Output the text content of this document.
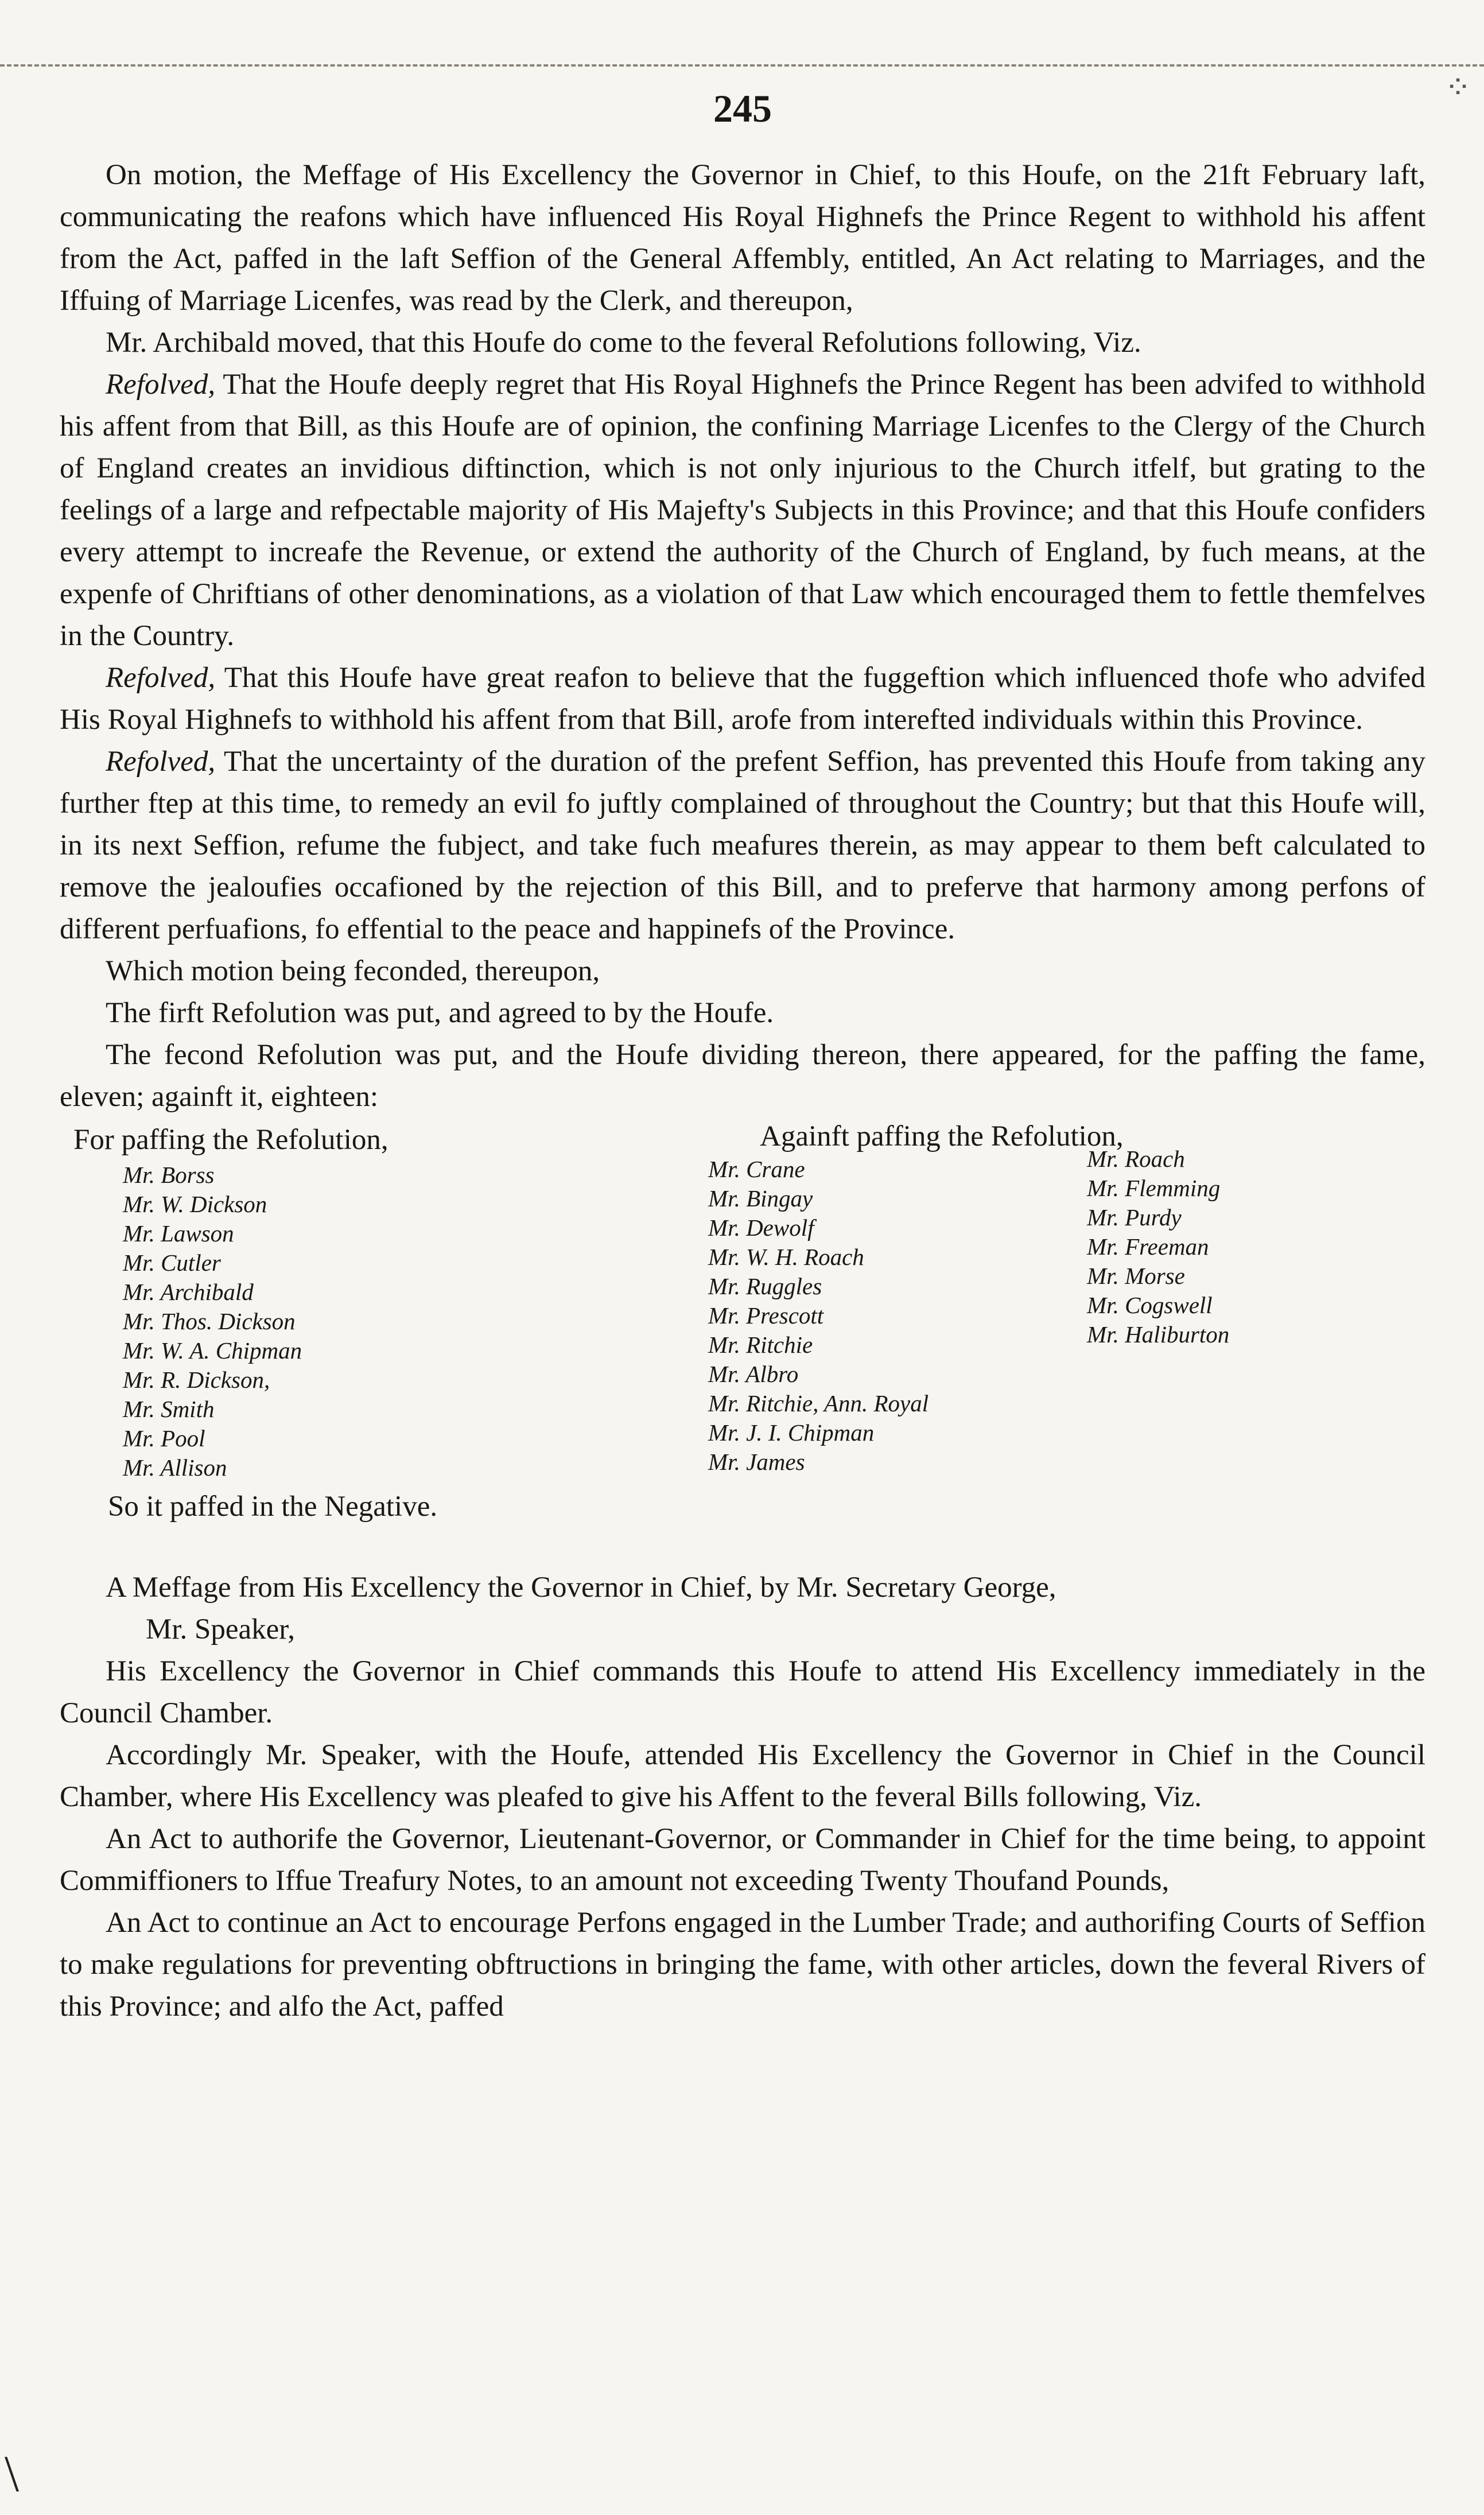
⁘
245

On motion, the Meffage of His Excellency the Governor in Chief, to this Houfe, on the 21ft February laft, communicating the reafons which have influenced His Royal Highnefs the Prince Regent to withhold his affent from the Act, paffed in the laft Seffion of the General Affembly, entitled, An Act relating to Marriages, and the Iffuing of Marriage Licenfes, was read by the Clerk, and thereupon,

Mr. Archibald moved, that this Houfe do come to the feveral Refolutions following, Viz.

Refolved, That the Houfe deeply regret that His Royal Highnefs the Prince Regent has been advifed to withhold his affent from that Bill, as this Houfe are of opinion, the confining Marriage Licenfes to the Clergy of the Church of England creates an invidious diftinction, which is not only injurious to the Church itfelf, but grating to the feelings of a large and refpectable majority of His Majefty's Subjects in this Province; and that this Houfe confiders every attempt to increafe the Revenue, or extend the authority of the Church of England, by fuch means, at the expenfe of Chriftians of other denominations, as a violation of that Law which encouraged them to fettle themfelves in the Country.

Refolved, That this Houfe have great reafon to believe that the fuggeftion which influenced thofe who advifed His Royal Highnefs to withhold his affent from that Bill, arofe from interefted individuals within this Province.

Refolved, That the uncertainty of the duration of the prefent Seffion, has prevented this Houfe from taking any further ftep at this time, to remedy an evil fo juftly complained of throughout the Country; but that this Houfe will, in its next Seffion, refume the fubject, and take fuch meafures therein, as may appear to them beft calculated to remove the jealoufies occafioned by the rejection of this Bill, and to preferve that harmony among perfons of different perfuafions, fo effential to the peace and happinefs of the Province.

Which motion being feconded, thereupon,

The firft Refolution was put, and agreed to by the Houfe.

The fecond Refolution was put, and the Houfe dividing thereon, there appeared, for the paffing the fame, eleven; againft it, eighteen:

For paffing the Refolution,	Againft paffing the Refolution,
Mr. Borss
Mr. W. Dickson
Mr. Lawson
Mr. Cutler
Mr. Archibald
Mr. Thos. Dickson
Mr. W. A. Chipman
Mr. R. Dickson,
Mr. Smith
Mr. Pool
Mr. Allison
Mr. Crane
Mr. Bingay
Mr. Dewolf
Mr. W. H. Roach
Mr. Ruggles
Mr. Prescott
Mr. Ritchie
Mr. Albro
Mr. Ritchie, Ann. Royal
Mr. J. I. Chipman
Mr. James
Mr. Roach
Mr. Flemming
Mr. Purdy
Mr. Freeman
Mr. Morse
Mr. Cogswell
Mr. Haliburton
So it paffed in the Negative.

A Meffage from His Excellency the Governor in Chief, by Mr. Secretary George,

Mr. Speaker,

His Excellency the Governor in Chief commands this Houfe to attend His Excellency immediately in the Council Chamber.

Accordingly Mr. Speaker, with the Houfe, attended His Excellency the Governor in Chief in the Council Chamber, where His Excellency was pleafed to give his Affent to the feveral Bills following, Viz.

An Act to authorife the Governor, Lieutenant-Governor, or Commander in Chief for the time being, to appoint Commiffioners to Iffue Treafury Notes, to an amount not exceeding Twenty Thoufand Pounds,

An Act to continue an Act to encourage Perfons engaged in the Lumber Trade; and authorifing Courts of Seffion to make regulations for preventing obftructions in bringing the fame, with other articles, down the feveral Rivers of this Province; and alfo the Act, paffed

\
